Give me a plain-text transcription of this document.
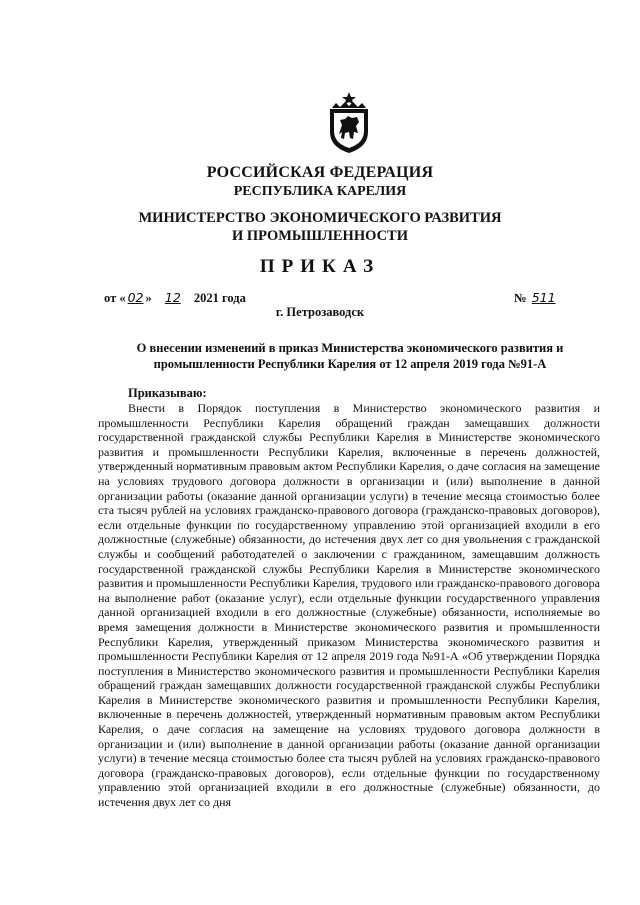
РОССИЙСКАЯ ФЕДЕРАЦИЯ
РЕСПУБЛИКА КАРЕЛИЯ
МИНИСТЕРСТВО ЭКОНОМИЧЕСКОГО РАЗВИТИЯ
И ПРОМЫШЛЕННОСТИ
ПРИКАЗ
от « 02 » 12 2021 года	№ 511
г. Петрозаводск
О внесении изменений в приказ Министерства экономического развития и промышленности Республики Карелия от 12 апреля 2019 года №91-А
Приказываю:

Внести в Порядок поступления в Министерство экономического развития и промышленности Республики Карелия обращений граждан замещавших должности государственной гражданской службы Республики Карелия в Министерстве экономического развития и промышленности Республики Карелия, включенные в перечень должностей, утвержденный нормативным правовым актом Республики Карелия, о даче согласия на замещение на условиях трудового договора должности в организации и (или) выполнение в данной организации работы (оказание данной организации услуги) в течение месяца стоимостью более ста тысяч рублей на условиях гражданско-правового договора (гражданско-правовых договоров), если отдельные функции по государственному управлению этой организацией входили в его должностные (служебные) обязанности, до истечения двух лет со дня увольнения с гражданской службы и сообщений работодателей о заключении с гражданином, замещавшим должность государственной гражданской службы Республики Карелия в Министерстве экономического развития и промышленности Республики Карелия, трудового или гражданско-правового договора на выполнение работ (оказание услуг), если отдельные функции государственного управления данной организацией входили в его должностные (служебные) обязанности, исполняемые во время замещения должности в Министерстве экономического развития и промышленности Республики Карелия, утвержденный приказом Министерства экономического развития и промышленности Республики Карелия от 12 апреля 2019 года №91-А «Об утверждении Порядка поступления в Министерство экономического развития и промышленности Республики Карелия обращений граждан замещавших должности государственной гражданской службы Республики Карелия в Министерстве экономического развития и промышленности Республики Карелия, включенные в перечень должностей, утвержденный нормативным правовым актом Республики Карелия, о даче согласия на замещение на условиях трудового договора должности в организации и (или) выполнение в данной организации работы (оказание данной организации услуги) в течение месяца стоимостью более ста тысяч рублей на условиях гражданско-правового договора (гражданско-правовых договоров), если отдельные функции по государственному управлению этой организацией входили в его должностные (служебные) обязанности, до истечения двух лет со дня
